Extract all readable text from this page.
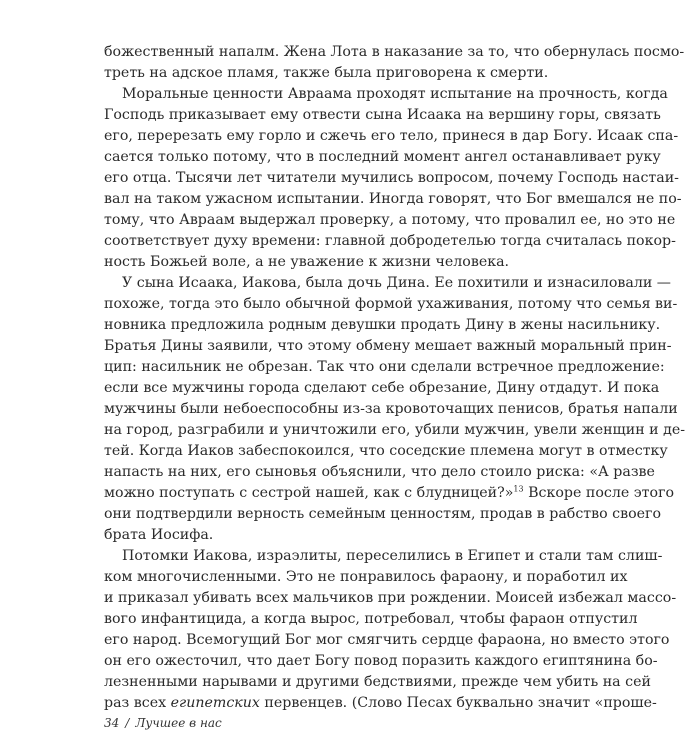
божественный напалм. Жена Лота в наказание за то, что обернулась посмо-
треть на адское пламя, также была приговорена к смерти.
Моральные ценности Авраама проходят испытание на прочность, когда
Господь приказывает ему отвести сына Исаака на вершину горы, связать
его, перерезать ему горло и сжечь его тело, принеся в дар Богу. Исаак спа-
сается только потому, что в последний момент ангел останавливает руку
его отца. Тысячи лет читатели мучились вопросом, почему Господь настаи-
вал на таком ужасном испытании. Иногда говорят, что Бог вмешался не по-
тому, что Авраам выдержал проверку, а потому, что провалил ее, но это не
соответствует духу времени: главной добродетелью тогда считалась покор-
ность Божьей воле, а не уважение к жизни человека.
У сына Исаака, Иакова, была дочь Дина. Ее похитили и изнасиловали —
похоже, тогда это было обычной формой ухаживания, потому что семья ви-
новника предложила родным девушки продать Дину в жены насильнику.
Братья Дины заявили, что этому обмену мешает важный моральный прин-
цип: насильник не обрезан. Так что они сделали встречное предложение:
если все мужчины города сделают себе обрезание, Дину отдадут. И пока
мужчины были небоеспособны из-за кровоточащих пенисов, братья напали
на город, разграбили и уничтожили его, убили мужчин, увели женщин и де-
тей. Когда Иаков забеспокоился, что соседские племена могут в отместку
напасть на них, его сыновья объяснили, что дело стоило риска: «А разве
можно поступать с сестрой нашей, как с блудницей?»$^{13}$ Вскоре после этого
они подтвердили верность семейным ценностям, продав в рабство своего
брата Иосифа.
Потомки Иакова, израэлиты, переселились в Египет и стали там слиш-
ком многочисленными. Это не понравилось фараону, и поработил их
и приказал убивать всех мальчиков при рождении. Моисей избежал массо-
вого инфантицида, а когда вырос, потребовал, чтобы фараон отпустил
его народ. Всемогущий Бог мог смягчить сердце фараона, но вместо этого
он его ожесточил, что дает Богу повод поразить каждого египтянина бо-
лезненными нарывами и другими бедствиями, прежде чем убить на сей
раз всех египетских первенцев. (Слово Песах буквально значит «проше-
34 / Лучшее в нас
